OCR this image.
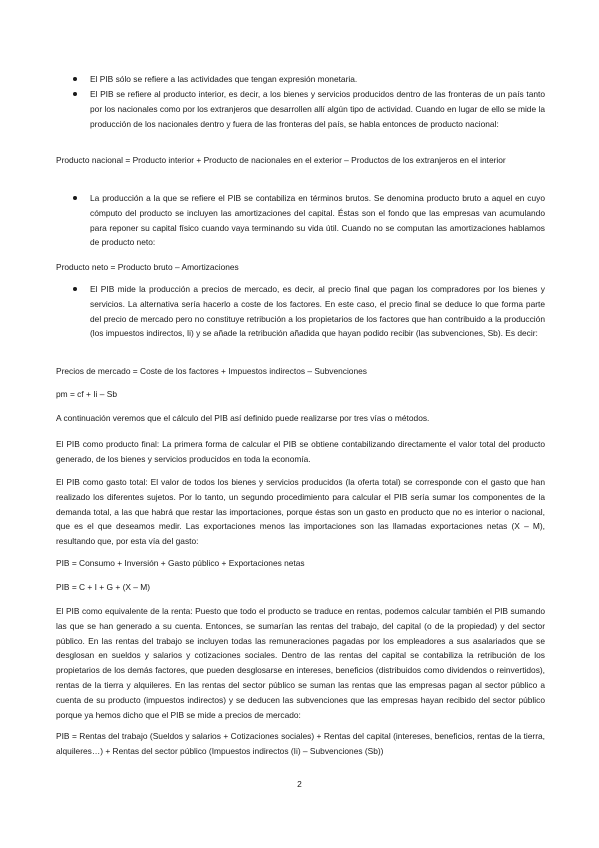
El PIB sólo se refiere a las actividades que tengan expresión monetaria.
El PIB se refiere al producto interior, es decir, a los bienes y servicios producidos dentro de las fronteras de un país tanto por los nacionales como por los extranjeros que desarrollen allí algún tipo de actividad. Cuando en lugar de ello se mide la producción de los nacionales dentro y fuera de las fronteras del país, se habla entonces de producto nacional:
Producto nacional = Producto interior + Producto de nacionales en el exterior – Productos de los extranjeros en el interior
La producción a la que se refiere el PIB se contabiliza en términos brutos. Se denomina producto bruto a aquel en cuyo cómputo del producto se incluyen las amortizaciones del capital. Éstas son el fondo que las empresas van acumulando para reponer su capital físico cuando vaya terminando su vida útil. Cuando no se computan las amortizaciones hablamos de producto neto:
Producto neto = Producto bruto – Amortizaciones
El PIB mide la producción a precios de mercado, es decir, al precio final que pagan los compradores por los bienes y servicios. La alternativa sería hacerlo a coste de los factores. En este caso, el precio final se deduce lo que forma parte del precio de mercado pero no constituye retribución a los propietarios de los factores que han contribuido a la producción (los impuestos indirectos, Ii) y se añade la retribución añadida que hayan podido recibir (las subvenciones, Sb). Es decir:
Precios de mercado = Coste de los factores + Impuestos indirectos – Subvenciones
pm = cf + Ii – Sb
A continuación veremos que el cálculo del PIB así definido puede realizarse por tres vías o métodos.
El PIB como producto final: La primera forma de calcular el PIB se obtiene contabilizando directamente el valor total del producto generado, de los bienes y servicios producidos en toda la economía.
El PIB como gasto total: El valor de todos los bienes y servicios producidos (la oferta total) se corresponde con el gasto que han realizado los diferentes sujetos. Por lo tanto, un segundo procedimiento para calcular el PIB sería sumar los componentes de la demanda total, a las que habrá que restar las importaciones, porque éstas son un gasto en producto que no es interior o nacional, que es el que deseamos medir. Las exportaciones menos las importaciones son las llamadas exportaciones netas (X – M), resultando que, por esta vía del gasto:
PIB = Consumo + Inversión + Gasto público + Exportaciones netas
PIB = C + I + G + (X – M)
El PIB como equivalente de la renta: Puesto que todo el producto se traduce en rentas, podemos calcular también el PIB sumando las que se han generado a su cuenta. Entonces, se sumarían las rentas del trabajo, del capital (o de la propiedad) y del sector público. En las rentas del trabajo se incluyen todas las remuneraciones pagadas por los empleadores a sus asalariados que se desglosan en sueldos y salarios y cotizaciones sociales. Dentro de las rentas del capital se contabiliza la retribución de los propietarios de los demás factores, que pueden desglosarse en intereses, beneficios (distribuidos como dividendos o reinvertidos), rentas de la tierra y alquileres. En las rentas del sector público se suman las rentas que las empresas pagan al sector público a cuenta de su producto (impuestos indirectos) y se deducen las subvenciones que las empresas hayan recibido del sector público porque ya hemos dicho que el PIB se mide a precios de mercado:
PIB = Rentas del trabajo (Sueldos y salarios + Cotizaciones sociales) + Rentas del capital (intereses, beneficios, rentas de la tierra, alquileres…) + Rentas del sector público (Impuestos indirectos (Ii) – Subvenciones (Sb))
2
